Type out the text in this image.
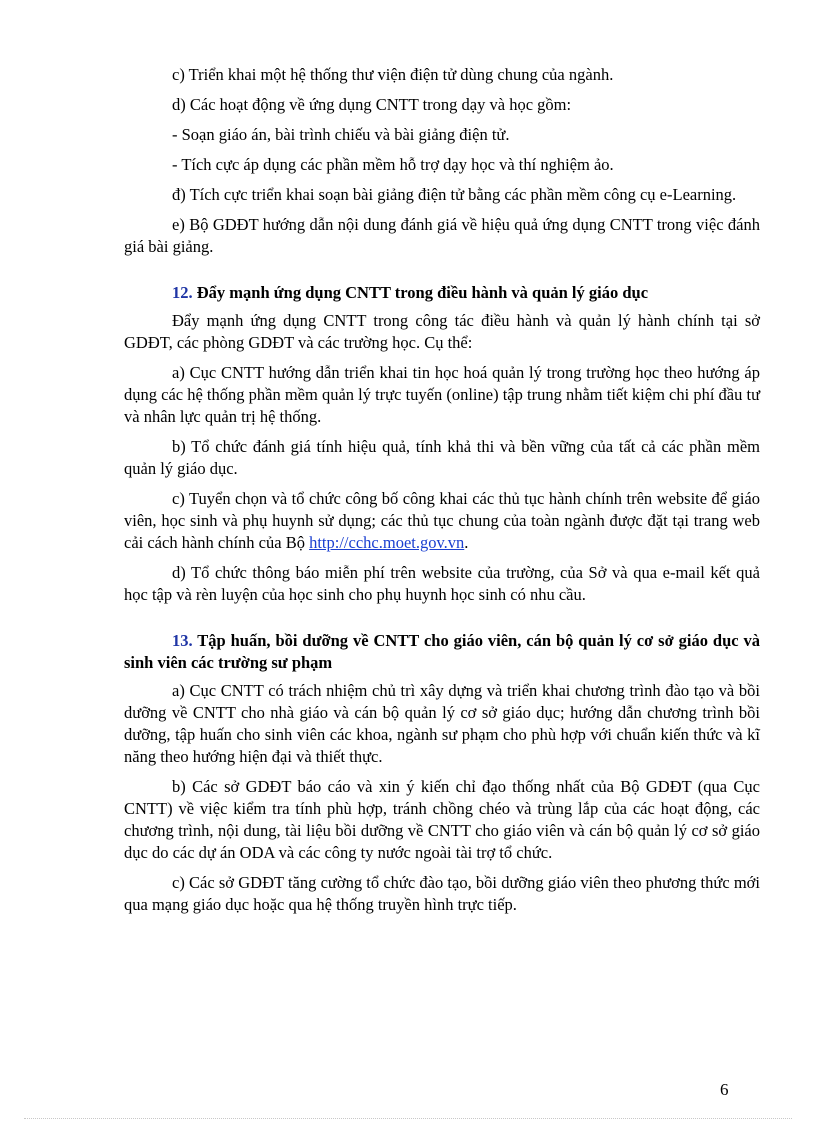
c) Triển khai một hệ thống thư viện điện tử dùng chung của ngành.

d) Các hoạt động về ứng dụng CNTT trong dạy và học gồm:

- Soạn giáo án, bài trình chiếu và bài giảng điện tử.

- Tích cực áp dụng các phần mềm hỗ trợ dạy học và thí nghiệm ảo.

đ) Tích cực triển khai soạn bài giảng điện tử bằng các phần mềm công cụ e-Learning.

e) Bộ GDĐT hướng dẫn nội dung đánh giá về hiệu quả ứng dụng CNTT trong việc đánh giá bài giảng.

12. Đẩy mạnh ứng dụng CNTT trong điều hành và quản lý giáo dục

Đẩy mạnh ứng dụng CNTT trong công tác điều hành và quản lý hành chính tại sở GDĐT, các phòng GDĐT và các trường học. Cụ thể:

a) Cục CNTT hướng dẫn triển khai tin học hoá quản lý trong trường học theo hướng áp dụng các hệ thống phần mềm quản lý trực tuyến (online) tập trung nhằm tiết kiệm chi phí đầu tư và nhân lực quản trị hệ thống.

b) Tổ chức đánh giá tính hiệu quả, tính khả thi và bền vững của tất cả các phần mềm quản lý giáo dục.

c) Tuyển chọn và tổ chức công bố công khai các thủ tục hành chính trên website để giáo viên, học sinh và phụ huynh sử dụng; các thủ tục chung của toàn ngành được đặt tại trang web cải cách hành chính của Bộ http://cchc.moet.gov.vn.

d) Tổ chức thông báo miễn phí trên website của trường, của Sở và qua e-mail kết quả học tập và rèn luyện của học sinh cho phụ huynh học sinh có nhu cầu.

13. Tập huấn, bồi dưỡng về CNTT cho giáo viên, cán bộ quản lý cơ sở giáo dục và sinh viên các trường sư phạm

a) Cục CNTT có trách nhiệm chủ trì xây dựng và triển khai chương trình đào tạo và bồi dưỡng về CNTT cho nhà giáo và cán bộ quản lý cơ sở giáo dục; hướng dẫn chương trình bồi dưỡng, tập huấn cho sinh viên các khoa, ngành sư phạm cho phù hợp với chuẩn kiến thức và kĩ năng theo hướng hiện đại và thiết thực.

b) Các sở GDĐT báo cáo và xin ý kiến chỉ đạo thống nhất của Bộ GDĐT (qua Cục CNTT) về việc kiểm tra tính phù hợp, tránh chồng chéo và trùng lắp của các hoạt động, các chương trình, nội dung, tài liệu bồi dưỡng về CNTT cho giáo viên và cán bộ quản lý cơ sở giáo dục do các dự án ODA và các công ty nước ngoài tài trợ tổ chức.

c) Các sở GDĐT tăng cường tổ chức đào tạo, bồi dưỡng giáo viên theo phương thức mới qua mạng giáo dục hoặc qua hệ thống truyền hình trực tiếp.

6
